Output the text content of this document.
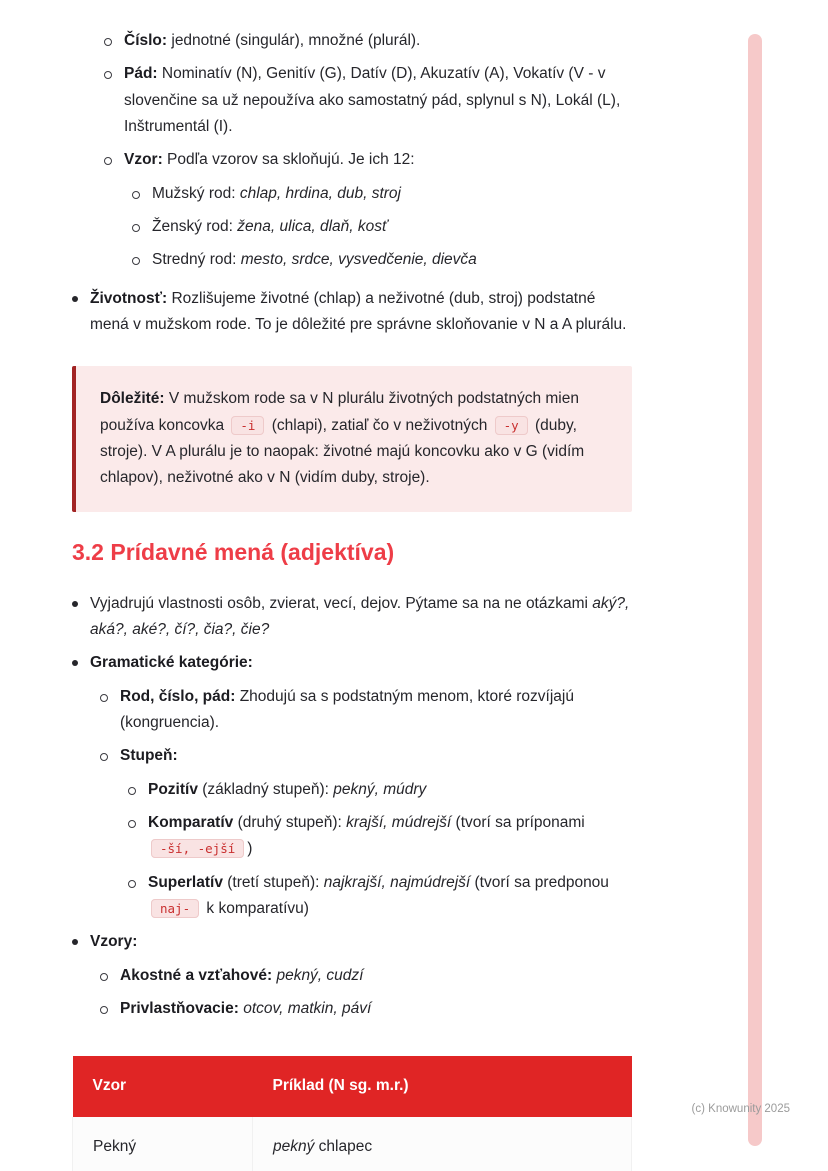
Číslo: jednotné (singulár), množné (plurál).
Pád: Nominatív (N), Genitív (G), Datív (D), Akuzatív (A), Vokatív (V - v slovenčine sa už nepoužíva ako samostatný pád, splynul s N), Lokál (L), Inštrumentál (I).
Vzor: Podľa vzorov sa skloňujú. Je ich 12:
Mužský rod: chlap, hrdina, dub, stroj
Ženský rod: žena, ulica, dlaň, kosť
Stredný rod: mesto, srdce, vysvedčenie, dievča
Životnosť: Rozlišujeme životné (chlap) a neživotné (dub, stroj) podstatné mená v mužskom rode. To je dôležité pre správne skloňovanie v N a A plurálu.
Dôležité: V mužskom rode sa v N plurálu životných podstatných mien používa koncovka -i (chlapi), zatiaľ čo v neživotných -y (duby, stroje). V A plurálu je to naopak: životné majú koncovku ako v G (vidím chlapov), neživotné ako v N (vidím duby, stroje).
3.2 Prídavné mená (adjektíva)
Vyjadrujú vlastnosti osôb, zvierat, vecí, dejov. Pýtame sa na ne otázkami aký?, aká?, aké?, čí?, čia?, čie?
Gramatické kategórie:
Rod, číslo, pád: Zhodujú sa s podstatným menom, ktoré rozvíjajú (kongruencia).
Stupeň:
Pozitív (základný stupeň): pekný, múdry
Komparatív (druhý stupeň): krajší, múdrejší (tvorí sa príponami -ší, -ejší )
Superlatív (tretí stupeň): najkrajší, najmúdrejší (tvorí sa predponou naj- k komparatívu)
Vzory:
Akostné a vzťahové: pekný, cudzí
Privlastňovacie: otcov, matkin, páví
Vzor	Príklad (N sg. m.r.)
Pekný	pekný chlapec
(c) Knowunity 2025
